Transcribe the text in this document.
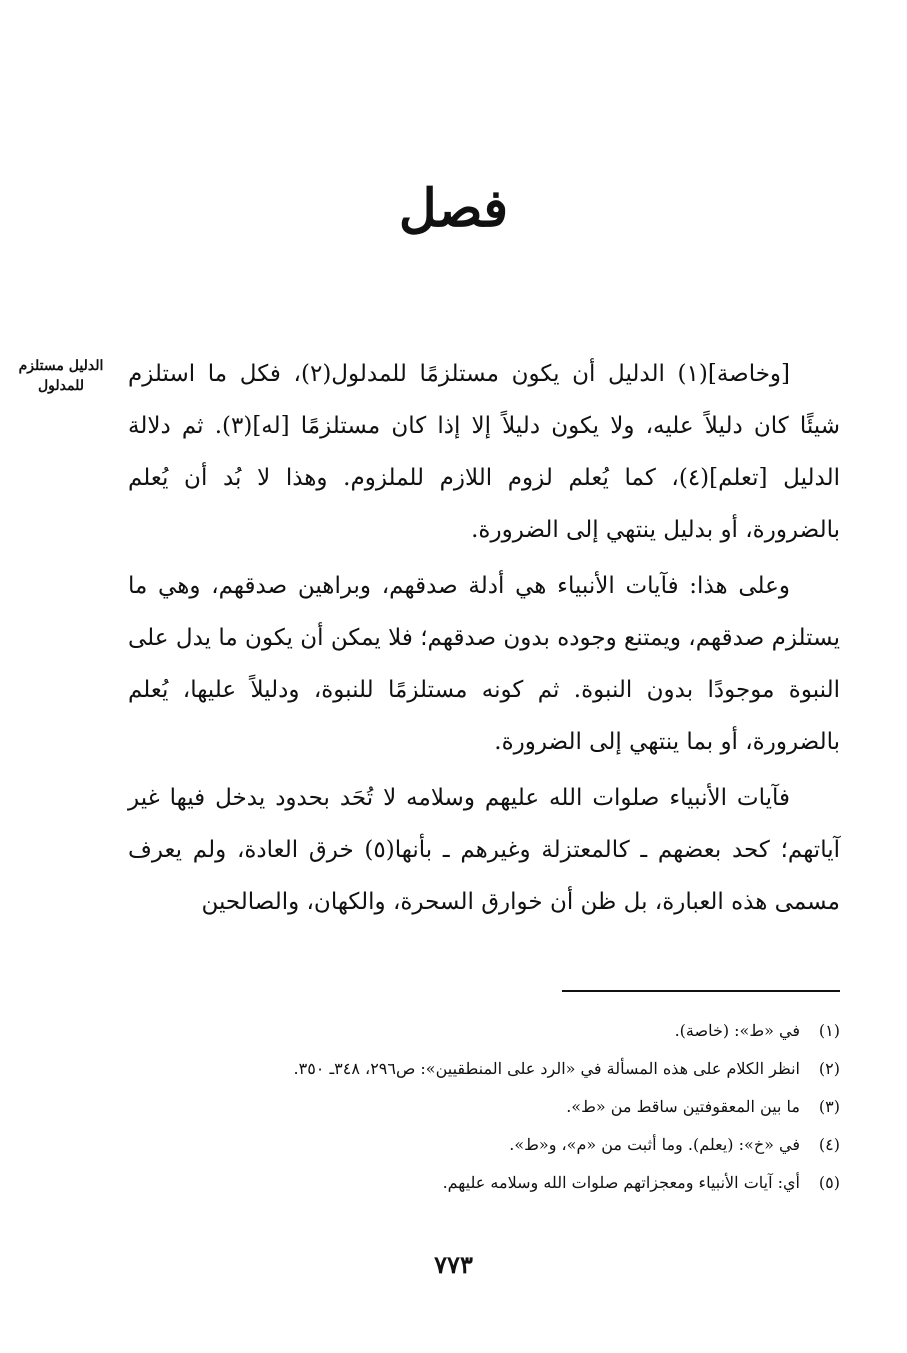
فصل
الدليل مستلزم
للمدلول	[وخاصة](١) الدليل أن يكون مستلزمًا للمدلول(٢)، فكل ما استلزم شيئًا كان دليلاً عليه، ولا يكون دليلاً إلا إذا كان مستلزمًا [له](٣). ثم دلالة الدليل [تعلم](٤)، كما يُعلم لزوم اللازم للملزوم. وهذا لا بُد أن يُعلم بالضرورة، أو بدليل ينتهي إلى الضرورة.

وعلى هذا: فآيات الأنبياء هي أدلة صدقهم، وبراهين صدقهم، وهي ما يستلزم صدقهم، ويمتنع وجوده بدون صدقهم؛ فلا يمكن أن يكون ما يدل على النبوة موجودًا بدون النبوة. ثم كونه مستلزمًا للنبوة، ودليلاً عليها، يُعلم بالضرورة، أو بما ينتهي إلى الضرورة.

فآيات الأنبياء صلوات الله عليهم وسلامه لا تُحَد بحدود يدخل فيها غير آياتهم؛ كحد بعضهم ـ كالمعتزلة وغيرهم ـ بأنها(٥) خرق العادة، ولم يعرف مسمى هذه العبارة، بل ظن أن خوارق السحرة، والكهان، والصالحين

(١)
في «ط»: (خاصة).
(٢)
انظر الكلام على هذه المسألة في «الرد على المنطقيين»: ص٢٩٦، ٣٤٨ـ ٣٥٠.
(٣)
ما بين المعقوفتين ساقط من «ط».
(٤)
في «خ»: (يعلم). وما أثبت من «م»، و«ط».
(٥)
أي: آيات الأنبياء ومعجزاتهم صلوات الله وسلامه عليهم.
٧٧٣
